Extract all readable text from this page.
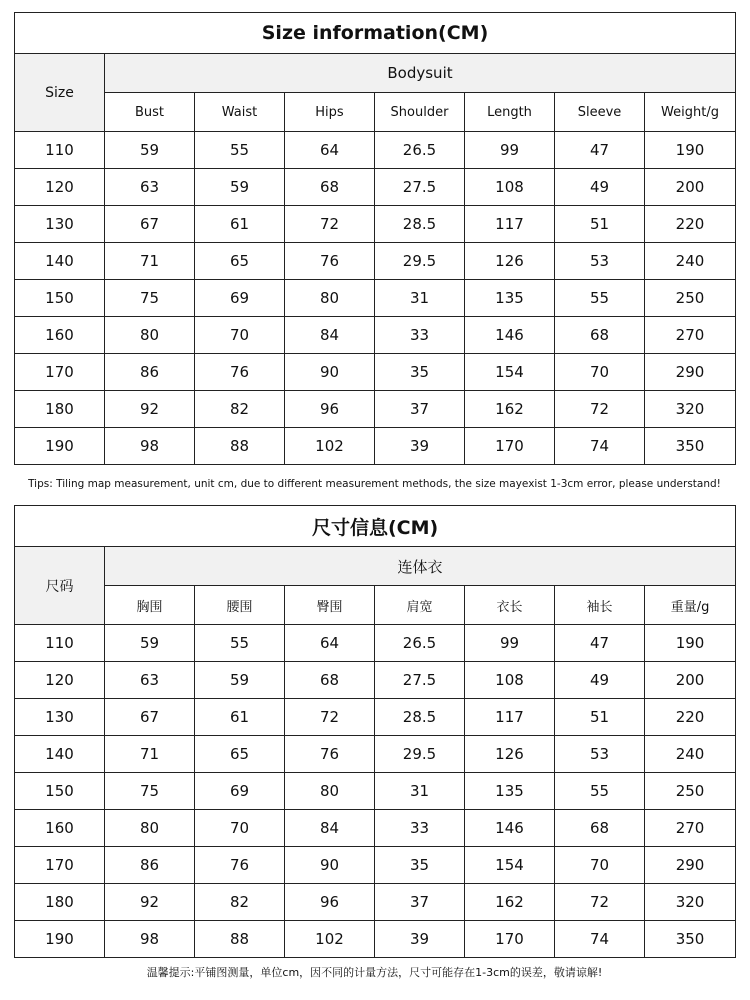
Size information(CM)							
Size	Bodysuit						
	Bust	Waist	Hips	Shoulder	Length	Sleeve	Weight/g
110	59	55	64	26.5	99	47	190
120	63	59	68	27.5	108	49	200
130	67	61	72	28.5	117	51	220
140	71	65	76	29.5	126	53	240
150	75	69	80	31	135	55	250
160	80	70	84	33	146	68	270
170	86	76	90	35	154	70	290
180	92	82	96	37	162	72	320
190	98	88	102	39	170	74	350
Tips: Tiling map measurement, unit cm, due to different measurement methods, the size mayexist 1-3cm error, please understand!
尺寸信息(CM)							
尺码	连体衣						
	胸围	腰围	臀围	肩宽	衣长	袖长	重量/g
110	59	55	64	26.5	99	47	190
120	63	59	68	27.5	108	49	200
130	67	61	72	28.5	117	51	220
140	71	65	76	29.5	126	53	240
150	75	69	80	31	135	55	250
160	80	70	84	33	146	68	270
170	86	76	90	35	154	70	290
180	92	82	96	37	162	72	320
190	98	88	102	39	170	74	350
温馨提示:平铺图测量，单位cm，因不同的计量方法，尺寸可能存在1-3cm的误差，敬请谅解!
